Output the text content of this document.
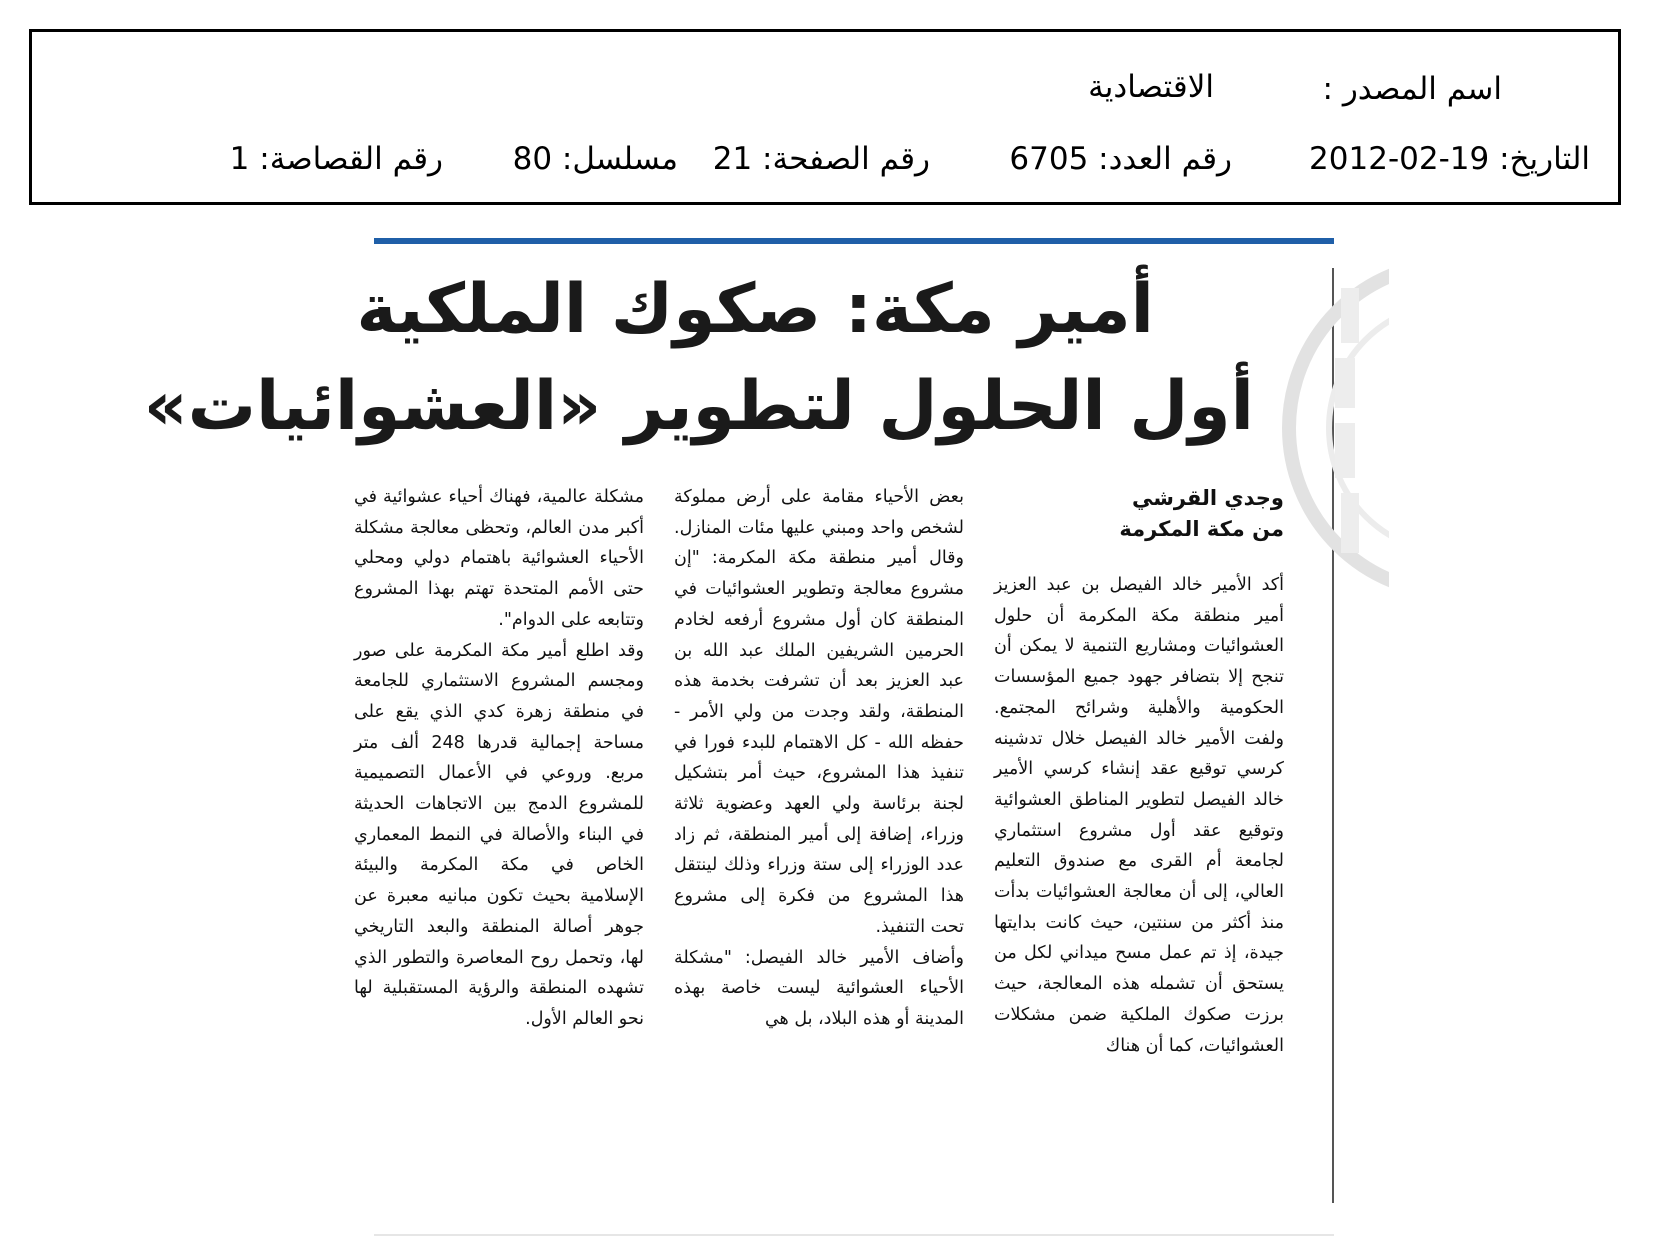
اسم المصدر :
الاقتصادية
التاريخ: 19-02-2012
رقم العدد: 6705
رقم الصفحة: 21
مسلسل: 80
رقم القصاصة: 1
أمير مكة: صكوك الملكية
أول الحلول لتطوير «العشوائيات»
وجدي القرشي
من مكة المكرمة

أكد الأمير خالد الفيصل بن عبد العزيز أمير منطقة مكة المكرمة أن حلول العشوائيات ومشاريع التنمية لا يمكن أن تنجح إلا بتضافر جهود جميع المؤسسات الحكومية والأهلية وشرائح المجتمع. ولفت الأمير خالد الفيصل خلال تدشينه كرسي توقيع عقد إنشاء كرسي الأمير خالد الفيصل لتطوير المناطق العشوائية وتوقيع عقد أول مشروع استثماري لجامعة أم القرى مع صندوق التعليم العالي، إلى أن معالجة العشوائيات بدأت منذ أكثر من سنتين، حيث كانت بدايتها جيدة، إذ تم عمل مسح ميداني لكل من يستحق أن تشمله هذه المعالجة، حيث برزت صكوك الملكية ضمن مشكلات العشوائيات، كما أن هناك

بعض الأحياء مقامة على أرض مملوكة لشخص واحد ومبني عليها مئات المنازل. وقال أمير منطقة مكة المكرمة: "إن مشروع معالجة وتطوير العشوائيات في المنطقة كان أول مشروع أرفعه لخادم الحرمين الشريفين الملك عبد الله بن عبد العزيز بعد أن تشرفت بخدمة هذه المنطقة، ولقد وجدت من ولي الأمر - حفظه الله - كل الاهتمام للبدء فورا في تنفيذ هذا المشروع، حيث أمر بتشكيل لجنة برئاسة ولي العهد وعضوية ثلاثة وزراء، إضافة إلى أمير المنطقة، ثم زاد عدد الوزراء إلى ستة وزراء وذلك لينتقل هذا المشروع من فكرة إلى مشروع تحت التنفيذ.

وأضاف الأمير خالد الفيصل: "مشكلة الأحياء العشوائية ليست خاصة بهذه المدينة أو هذه البلاد، بل هي

مشكلة عالمية، فهناك أحياء عشوائية في أكبر مدن العالم، وتحظى معالجة مشكلة الأحياء العشوائية باهتمام دولي ومحلي حتى الأمم المتحدة تهتم بهذا المشروع وتتابعه على الدوام".

وقد اطلع أمير مكة المكرمة على صور ومجسم المشروع الاستثماري للجامعة في منطقة زهرة كدي الذي يقع على مساحة إجمالية قدرها 248 ألف متر مربع. وروعي في الأعمال التصميمية للمشروع الدمج بين الاتجاهات الحديثة في البناء والأصالة في النمط المعماري الخاص في مكة المكرمة والبيئة الإسلامية بحيث تكون مبانيه معبرة عن جوهر أصالة المنطقة والبعد التاريخي لها، وتحمل روح المعاصرة والتطور الذي تشهده المنطقة والرؤية المستقبلية لها نحو العالم الأول.
